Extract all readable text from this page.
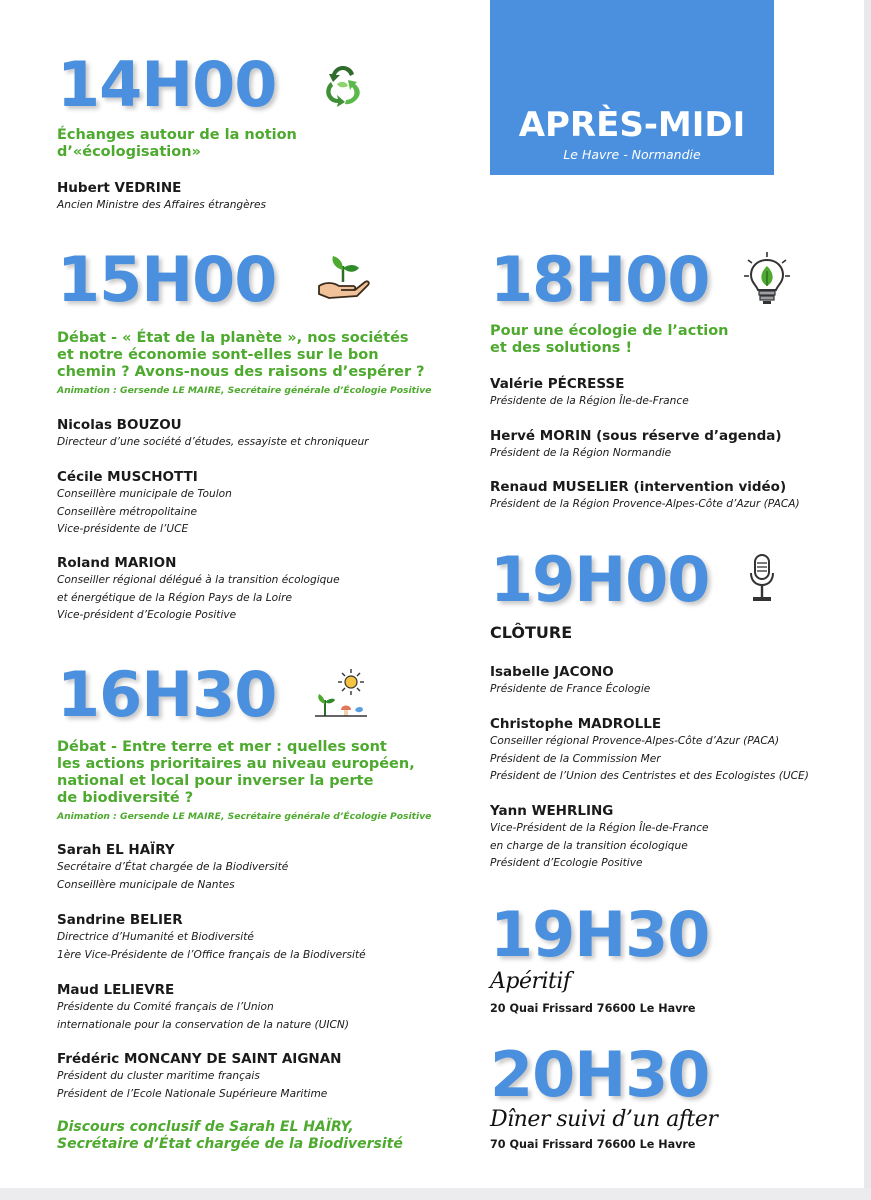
14H00
Échanges autour de la notion
d’«écologisation»
Hubert VEDRINE
Ancien Ministre des Affaires étrangères
15H00
Débat - « État de la planète », nos sociétés
et notre économie sont-elles sur le bon
chemin ? Avons-nous des raisons d’espérer ?
Animation : Gersende LE MAIRE, Secrétaire générale d’Écologie Positive
Nicolas BOUZOU
Directeur d’une société d’études, essayiste et chroniqueur
Cécile MUSCHOTTI
Conseillère municipale de Toulon
Conseillère métropolitaine
Vice-présidente de l’UCE
Roland MARION
Conseiller régional délégué à la transition écologique
et énergétique de la Région Pays de la Loire
Vice-président d’Ecologie Positive
16H30
Débat - Entre terre et mer : quelles sont
les actions prioritaires au niveau européen,
national et local pour inverser la perte
de biodiversité ?
Animation : Gersende LE MAIRE, Secrétaire générale d’Écologie Positive
Sarah EL HAÏRY
Secrétaire d’État chargée de la Biodiversité
Conseillère municipale de Nantes
Sandrine BELIER
Directrice d’Humanité et Biodiversité
1ère Vice-Présidente de l’Office français de la Biodiversité
Maud LELIEVRE
Présidente du Comité français de l’Union
internationale pour la conservation de la nature (UICN)
Frédéric MONCANY DE SAINT AIGNAN
Président du cluster maritime français
Président de l’Ecole Nationale Supérieure Maritime
Discours conclusif de Sarah EL HAÏRY,
Secrétaire d’État chargée de la Biodiversité
APRÈS-MIDI
Le Havre - Normandie
18H00
Pour une écologie de l’action
et des solutions !
Valérie PÉCRESSE
Présidente de la Région Île-de-France
Hervé MORIN (sous réserve d’agenda)
Président de la Région Normandie
Renaud MUSELIER (intervention vidéo)
Président de la Région Provence-Alpes-Côte d’Azur (PACA)
19H00
CLÔTURE
Isabelle JACONO
Présidente de France Écologie
Christophe MADROLLE
Conseiller régional Provence-Alpes-Côte d’Azur (PACA)
Président de la Commission Mer
Président de l’Union des Centristes et des Ecologistes (UCE)
Yann WEHRLING
Vice-Président de la Région Île-de-France
en charge de la transition écologique
Président d’Ecologie Positive
19H30
Apéritif
20 Quai Frissard 76600 Le Havre
20H30
Dîner suivi d’un after
70 Quai Frissard 76600 Le Havre
